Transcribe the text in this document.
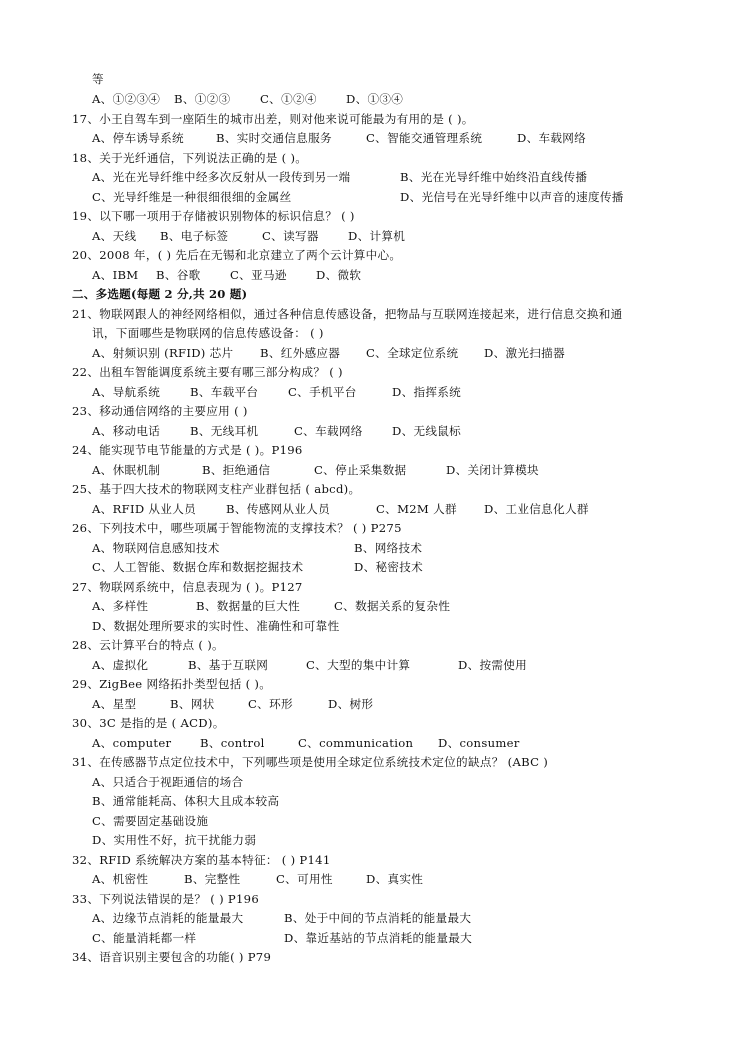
等
A、①②③④ B、①②③	C、①②④	D、①③④
17、小王自驾车到一座陌生的城市出差，则对他来说可能最为有用的是 ( )。
A、停车诱导系统	B、实时交通信息服务	C、智能交通管理系统	D、车载网络
18、关于光纤通信，下列说法正确的是 ( )。
A、光在光导纤维中经多次反射从一段传到另一端	B、光在光导纤维中始终沿直线传播
C、光导纤维是一种很细很细的金属丝	D、光信号在光导纤维中以声音的速度传播
19、以下哪一项用于存储被识别物体的标识信息？ ( )
A、天线 B、电子标签	C、读写器	D、计算机
20、2008 年，( ) 先后在无锡和北京建立了两个云计算中心。
A、IBM B、谷歌	C、亚马逊	D、微软
二、多选题(每题 2 分,共 20 题)
21、物联网跟人的神经网络相似，通过各种信息传感设备，把物品与互联网连接起来，进行信息交换和通
讯，下面哪些是物联网的信息传感设备： ( )
A、射频识别 (RFID) 芯片 B、红外感应器 C、全球定位系统 D、激光扫描器
22、出租车智能调度系统主要有哪三部分构成？ ( )
A、导航系统	B、车载平台	C、手机平台	D、指挥系统
23、移动通信网络的主要应用 ( )
A、移动电话	B、无线耳机	C、车载网络	D、无线鼠标
24、能实现节电节能量的方式是 ( )。P196
A、休眠机制	B、拒绝通信	C、停止采集数据	D、关闭计算模块
25、基于四大技术的物联网支柱产业群包括 ( abcd)。
A、RFID 从业人员	B、传感网从业人员	C、M2M 人群 D、工业信息化人群
26、下列技术中，哪些项属于智能物流的支撑技术？ ( ) P275
A、物联网信息感知技术	B、网络技术
C、人工智能、数据仓库和数据挖掘技术	D、秘密技术
27、物联网系统中，信息表现为 ( )。P127
A、多样性	B、数据量的巨大性	C、数据关系的复杂性
D、数据处理所要求的实时性、准确性和可靠性
28、云计算平台的特点 ( )。
A、虚拟化	B、基于互联网	C、大型的集中计算	D、按需使用
29、ZigBee 网络拓扑类型包括 ( )。
A、星型	B、网状	C、环形	D、树形
30、3C 是指的是 ( ACD)。
A、computer B、control	C、communication D、consumer
31、在传感器节点定位技术中，下列哪些项是使用全球定位系统技术定位的缺点？ (ABC )
A、只适合于视距通信的场合
B、通常能耗高、体积大且成本较高
C、需要固定基础设施
D、实用性不好，抗干扰能力弱
32、RFID 系统解决方案的基本特征： ( ) P141
A、机密性	B、完整性	C、可用性	D、真实性
33、下列说法错误的是？ ( ) P196
A、边缘节点消耗的能量最大	B、处于中间的节点消耗的能量最大
C、能量消耗都一样	D、靠近基站的节点消耗的能量最大
34、语音识别主要包含的功能( ) P79
